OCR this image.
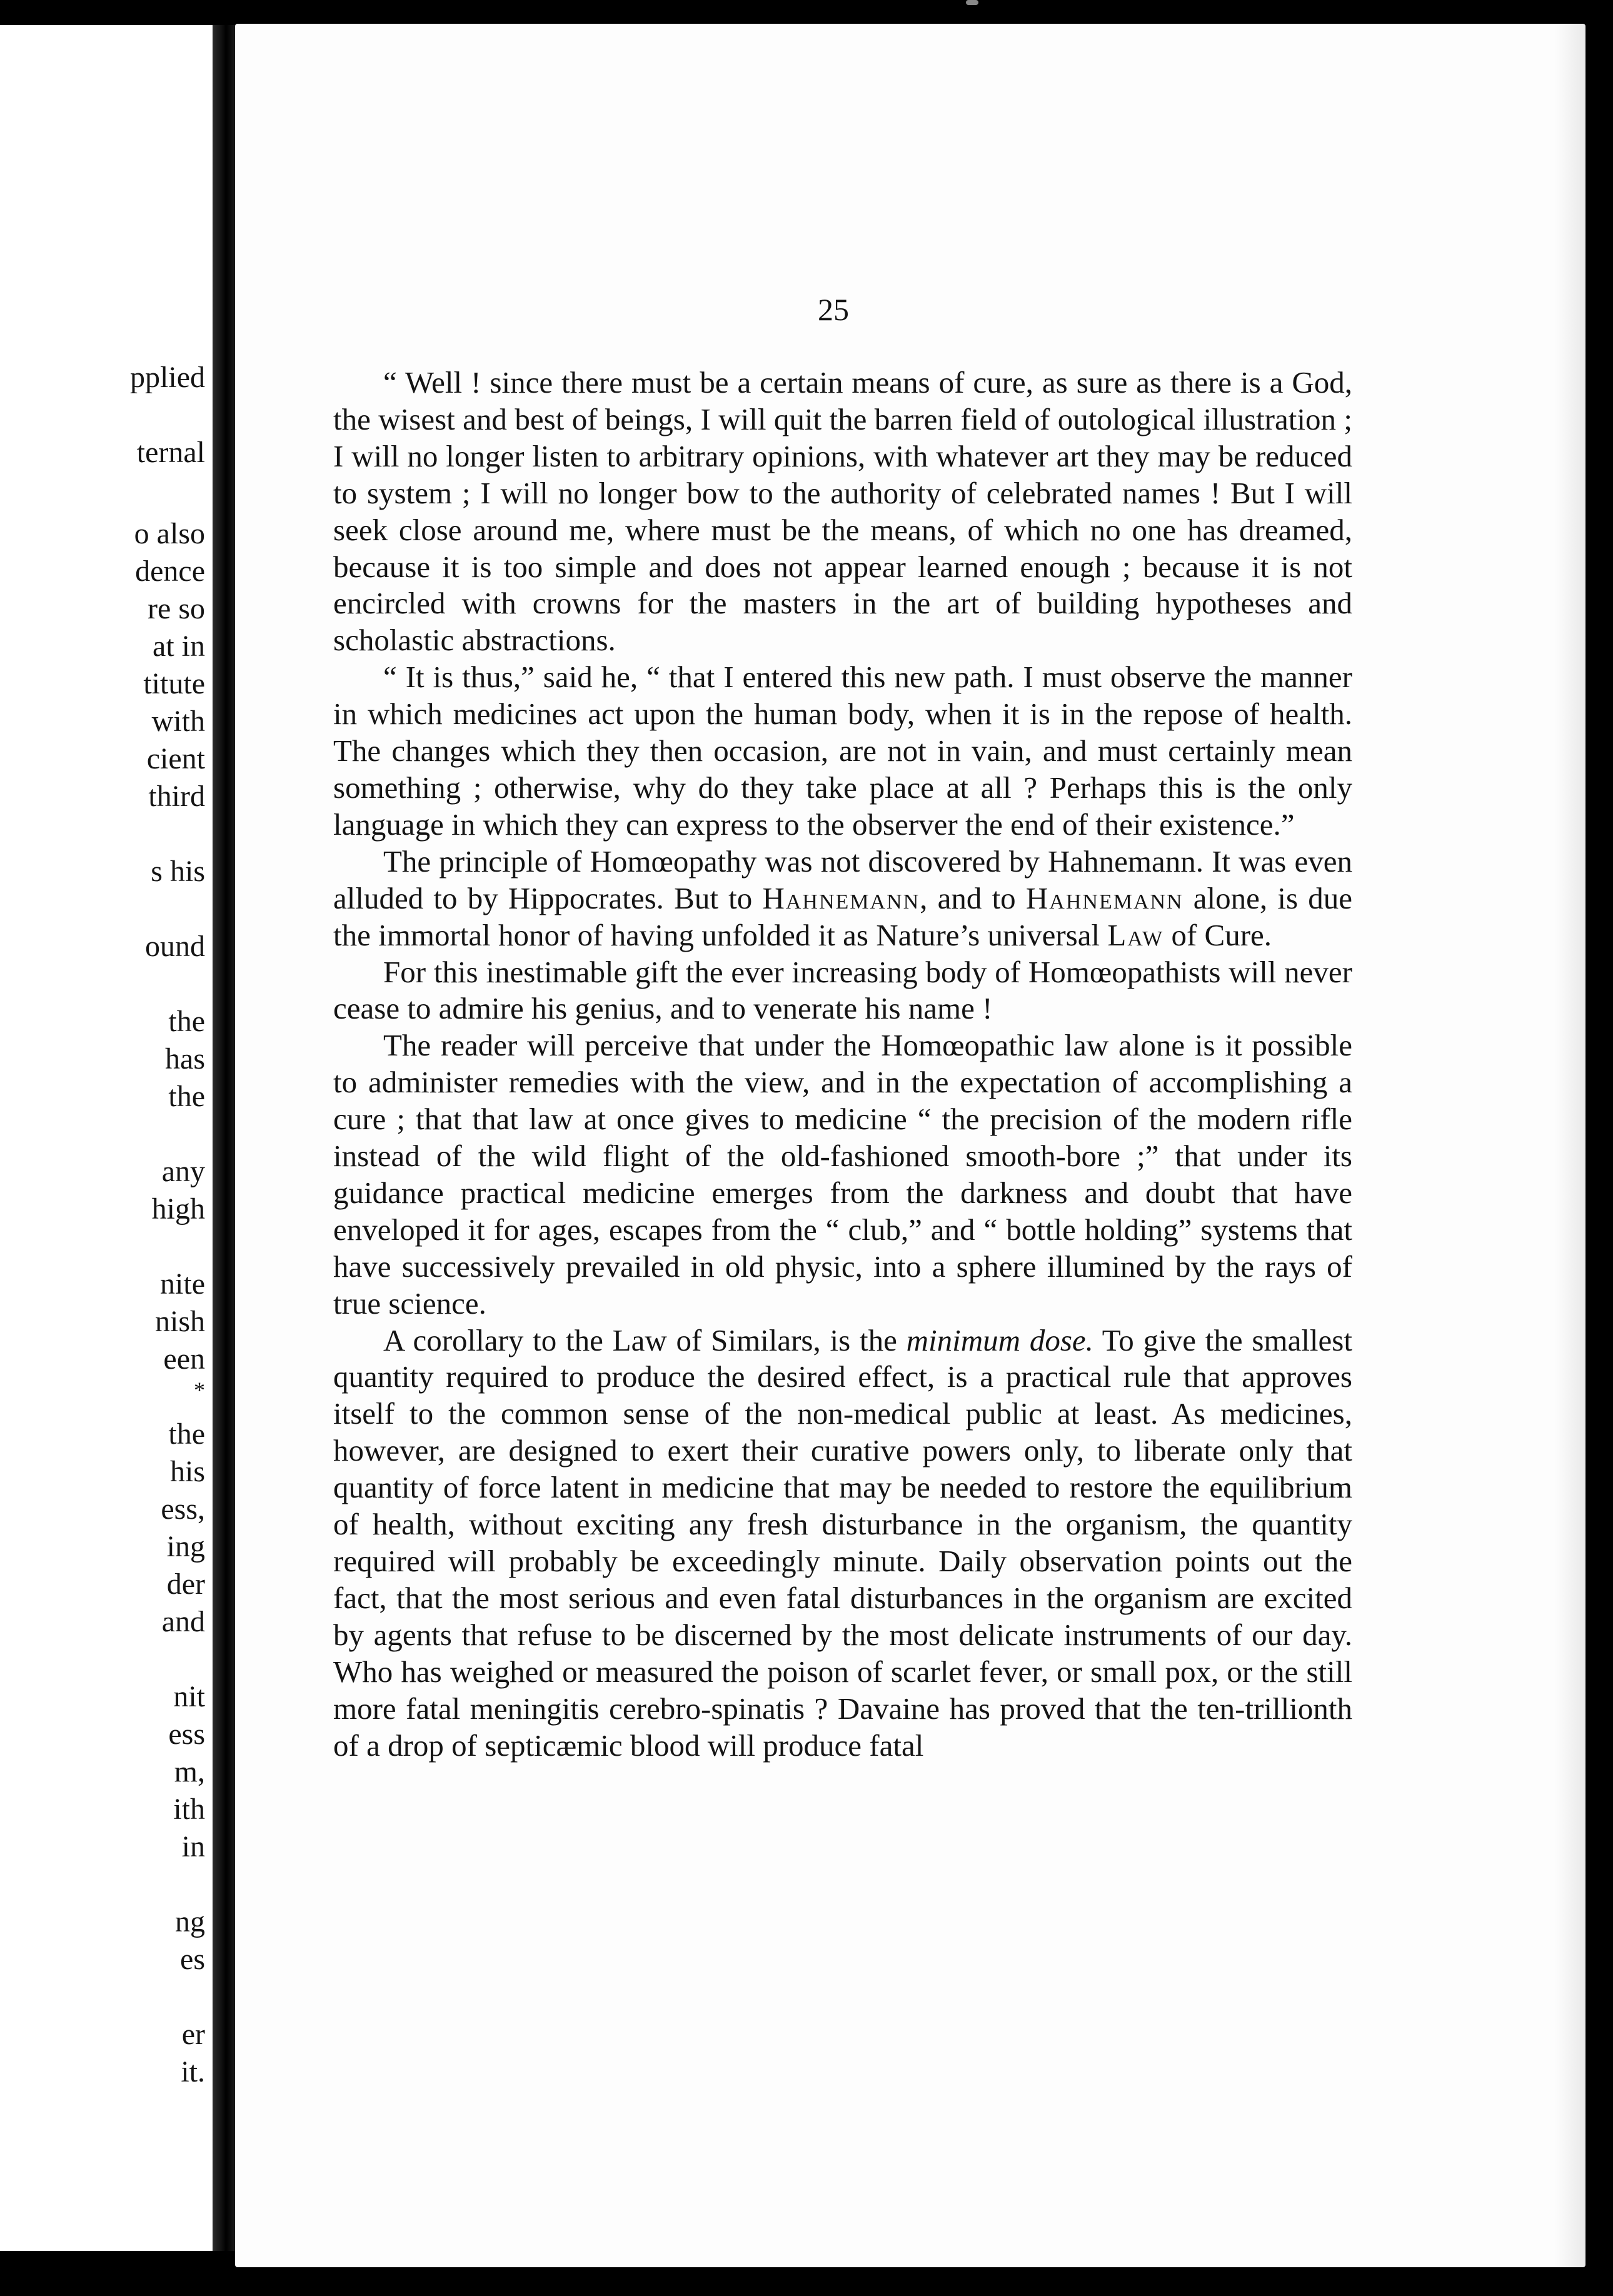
pplied
ternal
o also
dence
re so
at in
titute
with
cient
third
s his
ound
the
has
the
any
high
nite
nish
een
*
the
his
ess,
ing
der
and
nit
ess
m,
ith
in
ng
es
er
it.
25

“ Well ! since there must be a certain means of cure, as sure as there is a God, the wisest and best of beings, I will quit the barren field of outological illustration ; I will no longer listen to arbitrary opinions, with whatever art they may be reduced to system ; I will no longer bow to the authority of celebrated names ! But I will seek close around me, where must be the means, of which no one has dreamed, because it is too simple and does not appear learned enough ; because it is not encircled with crowns for the masters in the art of building hypotheses and scholastic abstractions.

“ It is thus,” said he, “ that I entered this new path. I must observe the manner in which medicines act upon the human body, when it is in the repose of health. The changes which they then occasion, are not in vain, and must certainly mean something ; otherwise, why do they take place at all ? Perhaps this is the only language in which they can express to the observer the end of their existence.”

The principle of Homœopathy was not discovered by Hahnemann. It was even alluded to by Hippocrates. But to Hahnemann, and to Hahnemann alone, is due the immortal honor of having unfolded it as Nature’s universal Law of Cure.

For this inestimable gift the ever increasing body of Homœopathists will never cease to admire his genius, and to venerate his name !

The reader will perceive that under the Homœopathic law alone is it possible to administer remedies with the view, and in the expectation of accomplishing a cure ; that that law at once gives to medicine “ the precision of the modern rifle instead of the wild flight of the old-fashioned smooth-bore ;” that under its guidance practical medicine emerges from the darkness and doubt that have enveloped it for ages, escapes from the “ club,” and “ bottle holding” systems that have successively prevailed in old physic, into a sphere illumined by the rays of true science.

A corollary to the Law of Similars, is the minimum dose. To give the smallest quantity required to produce the desired effect, is a practical rule that approves itself to the common sense of the non-medical public at least. As medicines, however, are designed to exert their curative powers only, to liberate only that quantity of force latent in medicine that may be needed to restore the equilibrium of health, without exciting any fresh disturbance in the organism, the quantity required will probably be exceedingly minute. Daily observation points out the fact, that the most serious and even fatal disturbances in the organism are excited by agents that refuse to be discerned by the most delicate instruments of our day. Who has weighed or measured the poison of scarlet fever, or small pox, or the still more fatal meningitis cerebro-spinatis ? Davaine has proved that the ten-trillionth of a drop of septicæmic blood will produce fatal
